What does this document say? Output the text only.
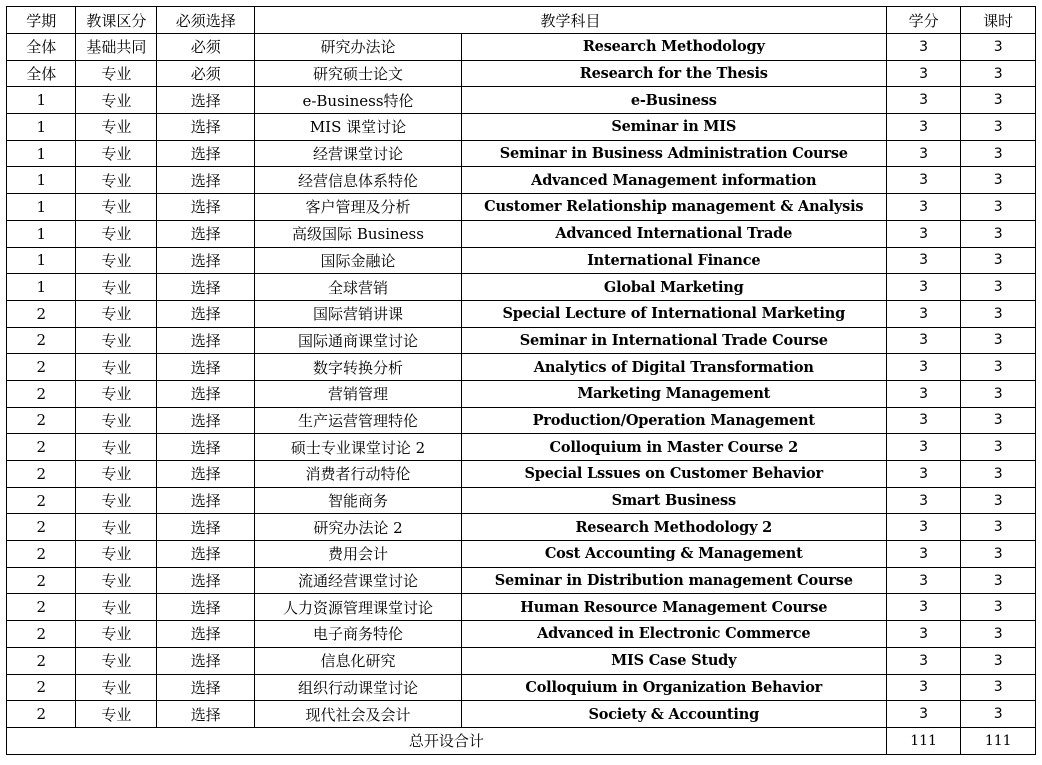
学期	教课区分	必须选择	教学科目		学分	课时
全体	基础共同	必须	研究办法论	Research Methodology	3	3
全体	专业	必须	研究硕士论文	Research for the Thesis	3	3
1	专业	选择	e-Business特伦	e-Business	3	3
1	专业	选择	MIS 课堂讨论	Seminar in MIS	3	3
1	专业	选择	经营课堂讨论	Seminar in Business Administration Course	3	3
1	专业	选择	经营信息体系特伦	Advanced Management information	3	3
1	专业	选择	客户管理及分析	Customer Relationship management & Analysis	3	3
1	专业	选择	高级国际 Business	Advanced International Trade	3	3
1	专业	选择	国际金融论	International Finance	3	3
1	专业	选择	全球营销	Global Marketing	3	3
2	专业	选择	国际营销讲课	Special Lecture of International Marketing	3	3
2	专业	选择	国际通商课堂讨论	Seminar in International Trade Course	3	3
2	专业	选择	数字转换分析	Analytics of Digital Transformation	3	3
2	专业	选择	营销管理	Marketing Management	3	3
2	专业	选择	生产运营管理特伦	Production/Operation Management	3	3
2	专业	选择	硕士专业课堂讨论 2	Colloquium in Master Course 2	3	3
2	专业	选择	消费者行动特伦	Special Lssues on Customer Behavior	3	3
2	专业	选择	智能商务	Smart Business	3	3
2	专业	选择	研究办法论 2	Research Methodology 2	3	3
2	专业	选择	费用会计	Cost Accounting & Management	3	3
2	专业	选择	流通经营课堂讨论	Seminar in Distribution management Course	3	3
2	专业	选择	人力资源管理课堂讨论	Human Resource Management Course	3	3
2	专业	选择	电子商务特伦	Advanced in Electronic Commerce	3	3
2	专业	选择	信息化研究	MIS Case Study	3	3
2	专业	选择	组织行动课堂讨论	Colloquium in Organization Behavior	3	3
2	专业	选择	现代社会及会计	Society & Accounting	3	3
总开设合计					111	111
